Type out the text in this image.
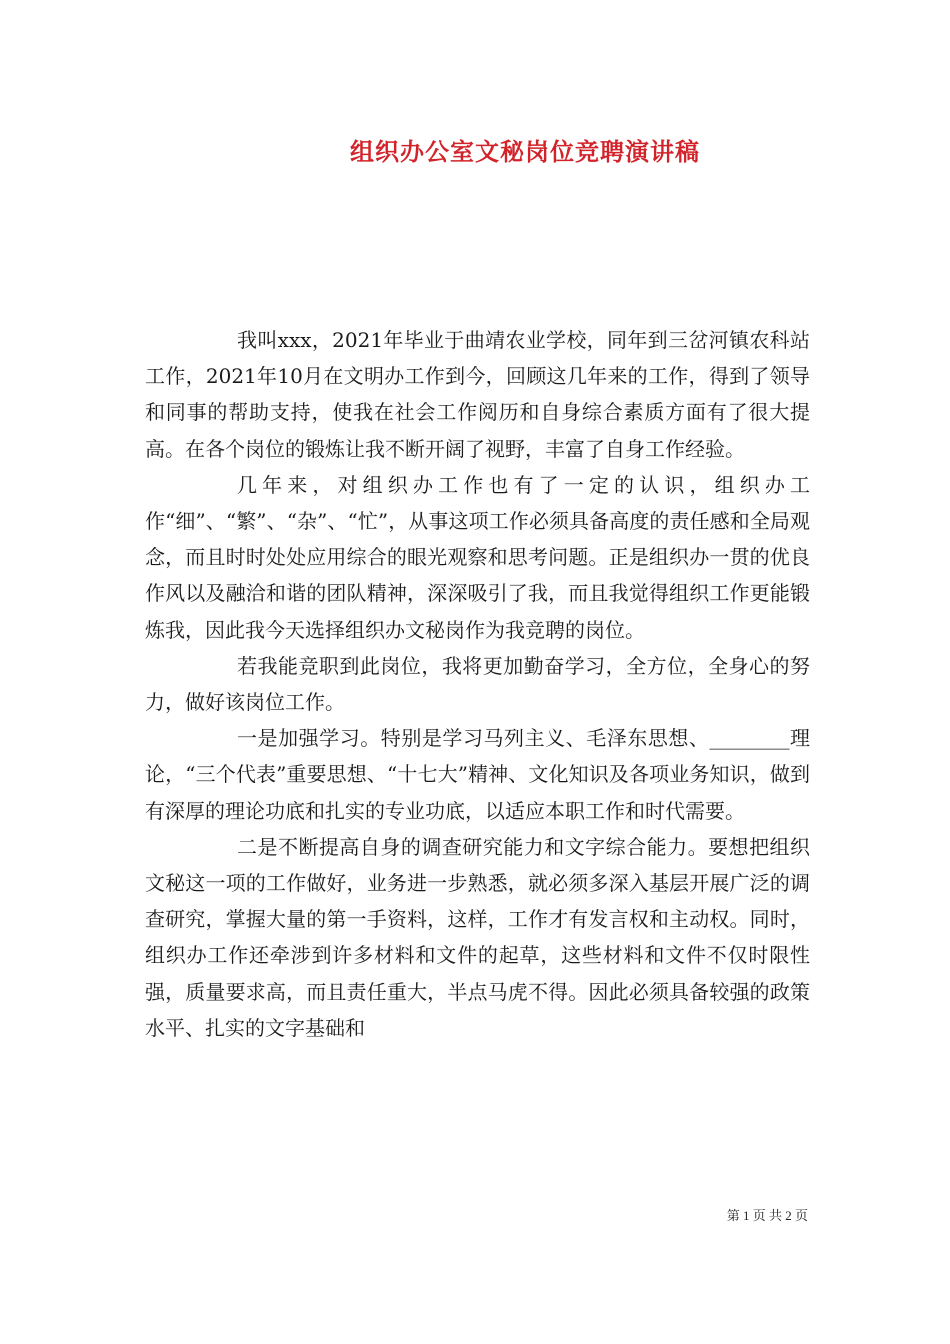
组织办公室文秘岗位竞聘演讲稿

我叫xxx，2021年毕业于曲靖农业学校，同年到三岔河镇农科站工作，2021年10月在文明办工作到今，回顾这几年来的工作，得到了领导和同事的帮助支持，使我在社会工作阅历和自身综合素质方面有了很大提高。在各个岗位的锻炼让我不断开阔了视野，丰富了自身工作经验。

几年来，对组织办工作也有了一定的认识，组织办工作“细”、“繁”、“杂”、“忙”，从事这项工作必须具备高度的责任感和全局观念，而且时时处处应用综合的眼光观察和思考问题。正是组织办一贯的优良作风以及融洽和谐的团队精神，深深吸引了我，而且我觉得组织工作更能锻炼我，因此我今天选择组织办文秘岗作为我竞聘的岗位。

若我能竞职到此岗位，我将更加勤奋学习，全方位，全身心的努力，做好该岗位工作。

一是加强学习。特别是学习马列主义、毛泽东思想、________理论，“三个代表”重要思想、“十七大”精神、文化知识及各项业务知识，做到有深厚的理论功底和扎实的专业功底，以适应本职工作和时代需要。

二是不断提高自身的调查研究能力和文字综合能力。要想把组织文秘这一项的工作做好，业务进一步熟悉，就必须多深入基层开展广泛的调查研究，掌握大量的第一手资料，这样，工作才有发言权和主动权。同时，组织办工作还牵涉到许多材料和文件的起草，这些材料和文件不仅时限性强，质量要求高，而且责任重大，半点马虎不得。因此必须具备较强的政策水平、扎实的文字基础和

第 1 页 共 2 页
